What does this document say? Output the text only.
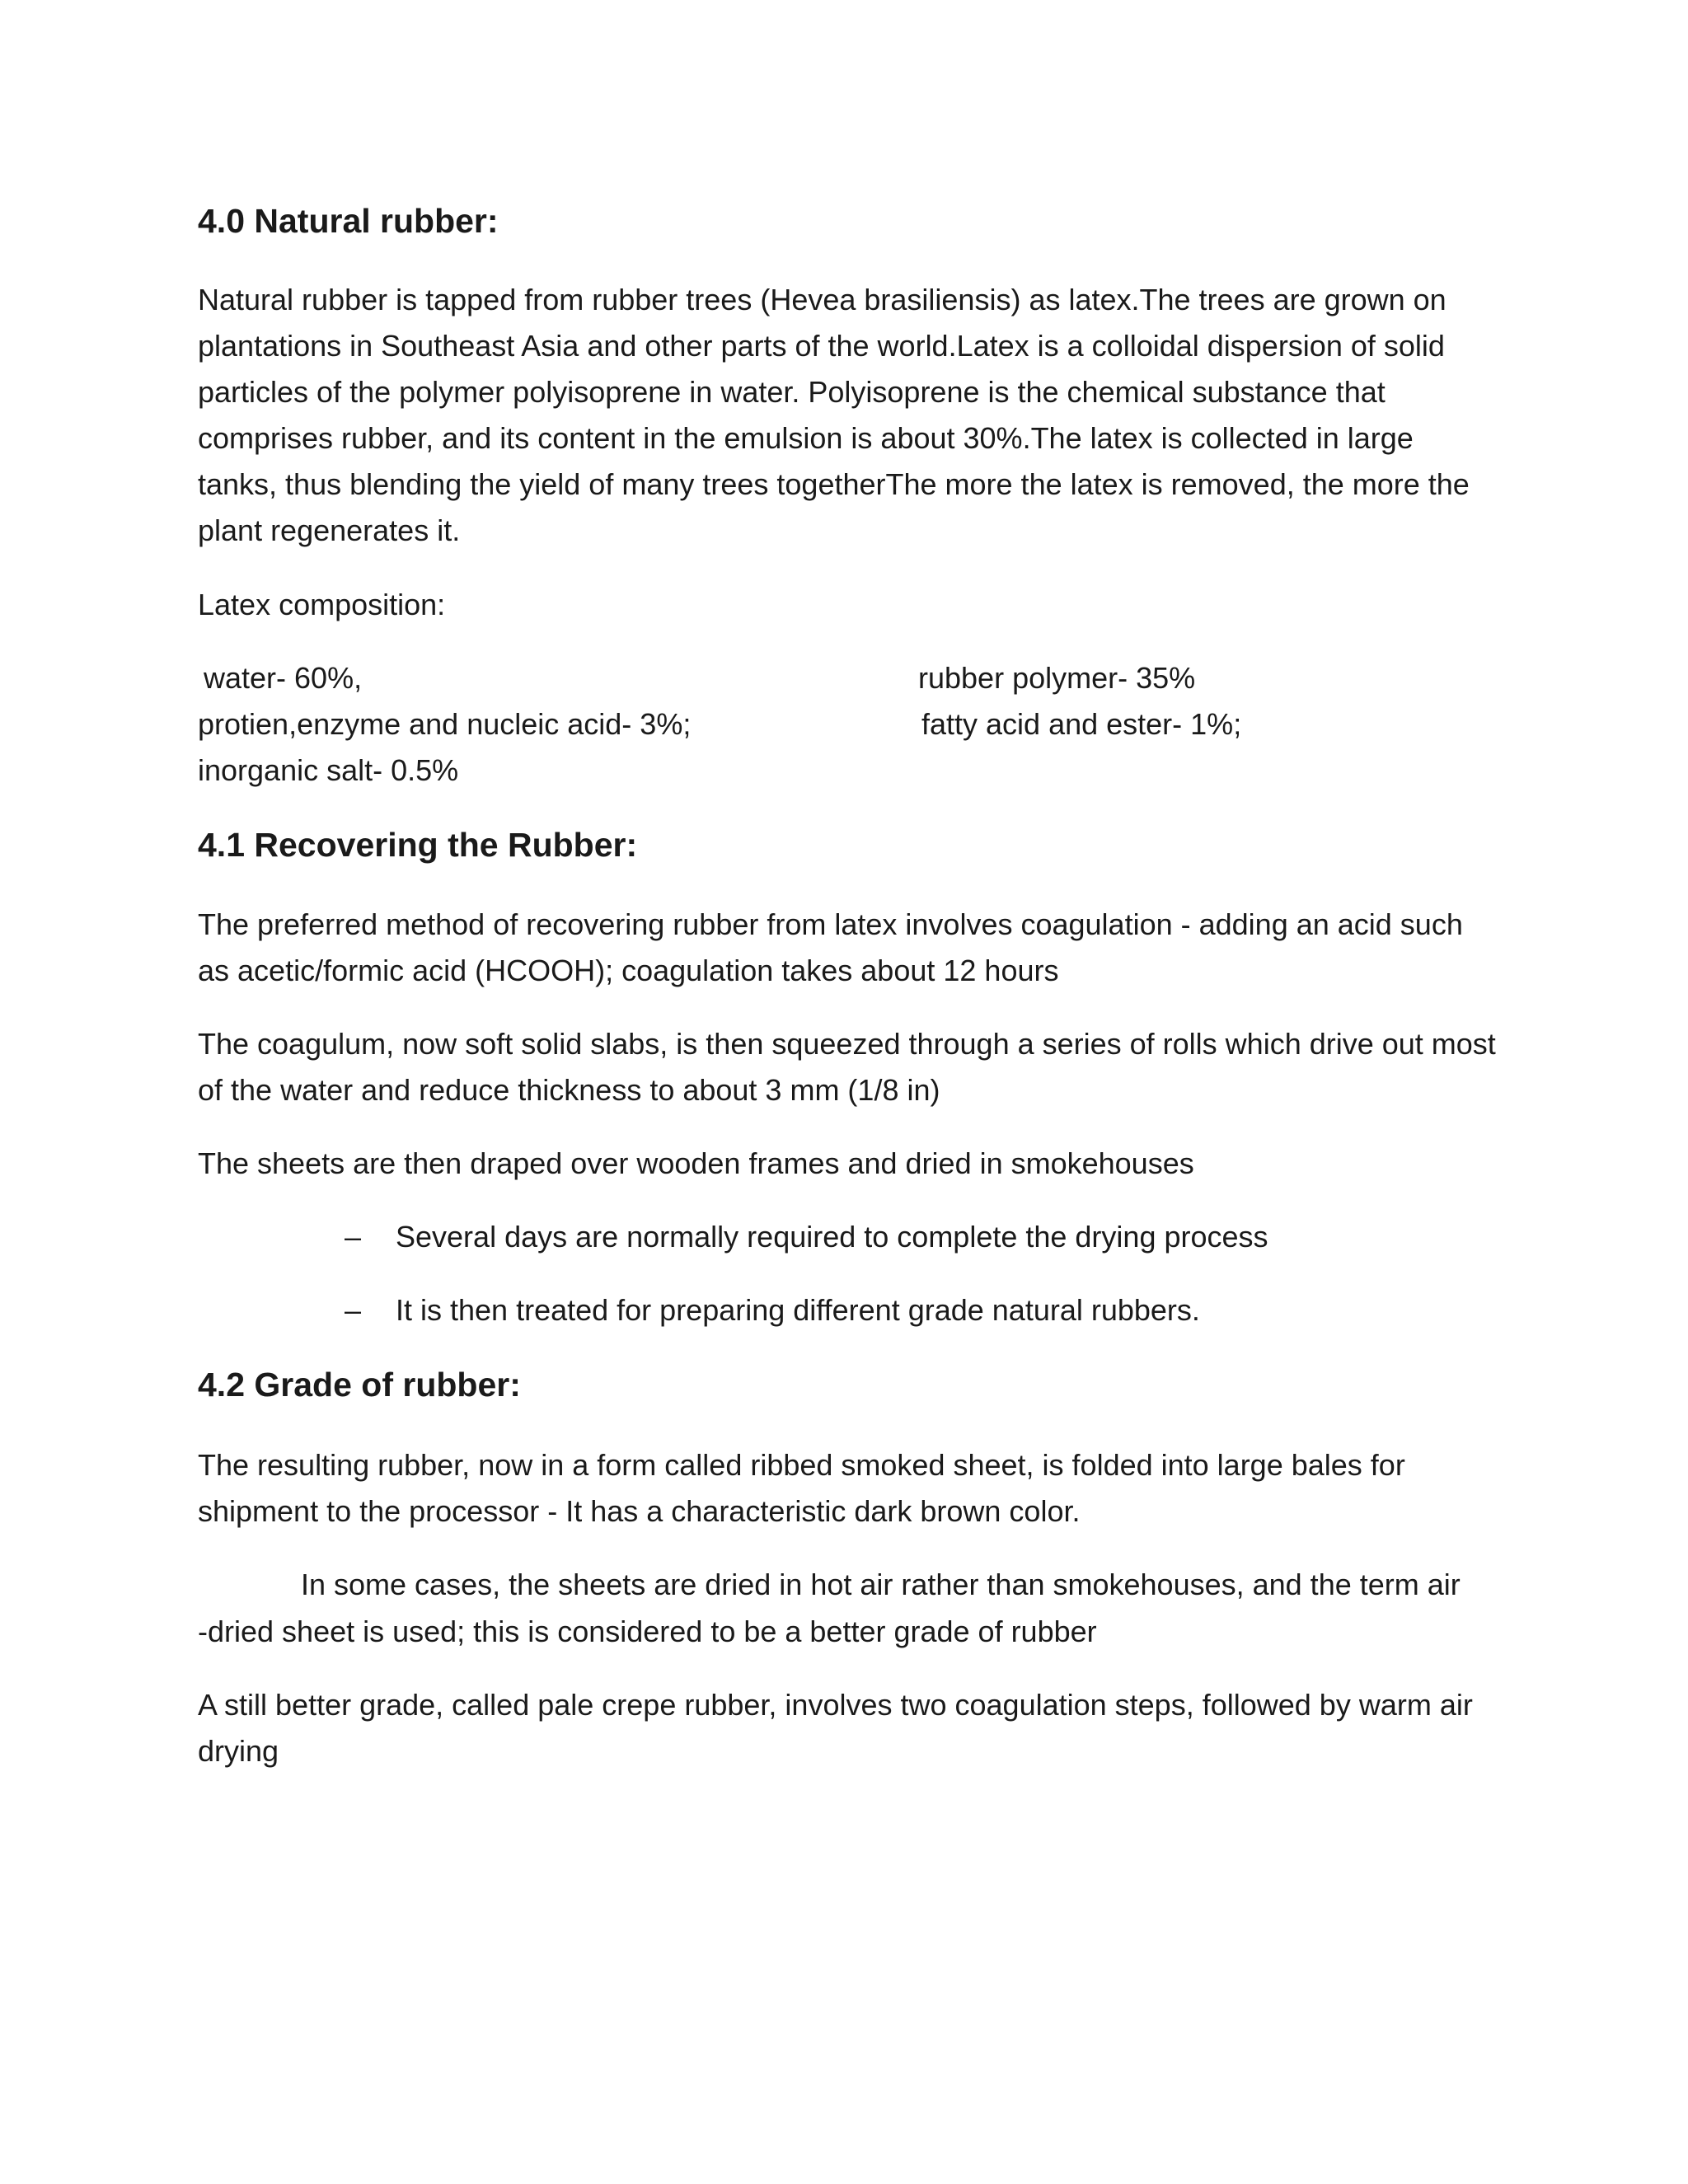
4.0 Natural rubber:

Natural rubber is tapped from rubber trees (Hevea brasiliensis) as latex.The trees are grown on plantations in Southeast Asia and other parts of the world.Latex is a colloidal dispersion of solid particles of the polymer polyisoprene in water. Polyisoprene is the chemical substance that comprises rubber, and its content in the emulsion is about 30%.The latex is collected in large tanks, thus blending the yield of many trees togetherThe more the latex is removed, the more the plant regenerates it.

Latex composition:

water- 60%,	rubber polymer- 35%

protien,enzyme and nucleic acid- 3%;	fatty acid and ester- 1%;

inorganic salt- 0.5%

4.1 Recovering the Rubber:

The preferred method of recovering rubber from latex involves coagulation - adding an acid such as acetic/formic acid (HCOOH); coagulation takes about 12 hours

The coagulum, now soft solid slabs, is then squeezed through a series of rolls which drive out most of the water and reduce thickness to about 3 mm (1/8 in)

The sheets are then draped over wooden frames and dried in smokehouses

– Several days are normally required to complete the drying process
– It is then treated for preparing different grade natural rubbers.
4.2 Grade of rubber:

The resulting rubber, now in a form called ribbed smoked sheet, is folded into large bales for shipment to the processor - It has a characteristic dark brown color.

In some cases, the sheets are dried in hot air rather than smokehouses, and the term air

-dried sheet is used; this is considered to be a better grade of rubber

A still better grade, called pale crepe rubber, involves two coagulation steps, followed by warm air drying
